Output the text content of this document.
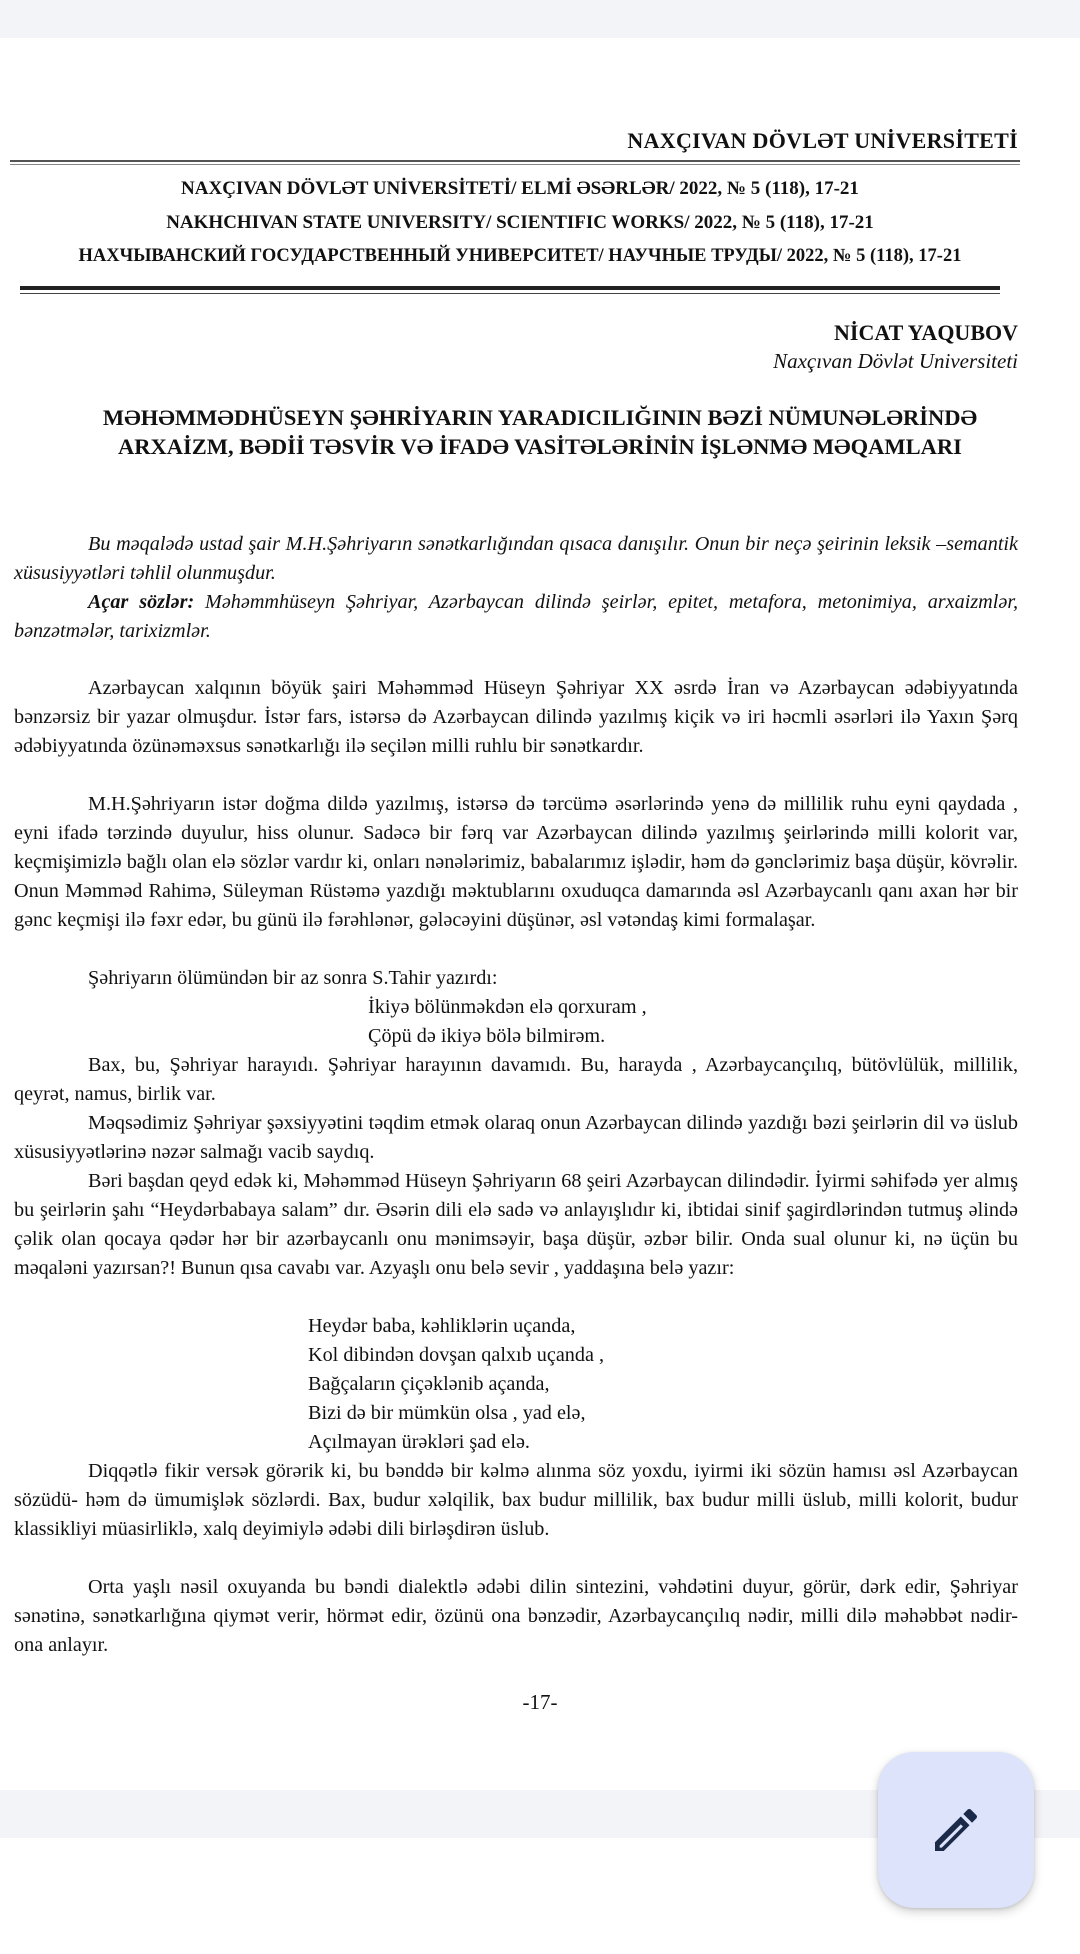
NAXÇIVAN DÖVLƏT UNİVERSİTETİ
NAXÇIVAN DÖVLƏT UNİVERSİTETİ/ ELMİ ƏSƏRLƏR/ 2022, № 5 (118), 17-21
NAKHCHIVAN STATE UNIVERSITY/ SCIENTIFIC WORKS/ 2022, № 5 (118), 17-21
НАХЧЫВАНСКИЙ ГОСУДАРСТВЕННЫЙ УНИВЕРСИТЕТ/ НАУЧНЫЕ ТРУДЫ/ 2022, № 5 (118), 17-21
NİCAT YAQUBOV
Naxçıvan Dövlət Universiteti
MƏHƏMMƏDHÜSEYN ŞƏHRİYARIN YARADICILIĞININ BƏZİ NÜMUNƏLƏRİNDƏ
ARXAİZM, BƏDİİ TƏSVİR VƏ İFADƏ VASİTƏLƏRİNİN İŞLƏNMƏ MƏQAMLARI

Bu məqalədə ustad şair M.H.Şəhriyarın sənətkarlığından qısaca danışılır. Onun bir neçə şeirinin leksik –semantik xüsusiyyətləri təhlil olunmuşdur.

Açar sözlər: Məhəmmhüseyn Şəhriyar, Azərbaycan dilində şeirlər, epitet, metafora, metonimiya, arxaizmlər, bənzətmələr, tarixizmlər.

Azərbaycan xalqının böyük şairi Məhəmməd Hüseyn Şəhriyar XX əsrdə İran və Azərbaycan ədəbiyyatında bənzərsiz bir yazar olmuşdur. İstər fars, istərsə də Azərbaycan dilində yazılmış kiçik və iri həcmli əsərləri ilə Yaxın Şərq ədəbiyyatında özünəməxsus sənətkarlığı ilə seçilən milli ruhlu bir sənətkardır.

M.H.Şəhriyarın istər doğma dildə yazılmış, istərsə də tərcümə əsərlərində yenə də millilik ruhu eyni qaydada , eyni ifadə tərzində duyulur, hiss olunur. Sadəcə bir fərq var Azərbaycan dilində yazılmış şeirlərində milli kolorit var, keçmişimizlə bağlı olan elə sözlər vardır ki, onları nənələrimiz, babalarımız işlədir, həm də gənclərimiz başa düşür, kövrəlir. Onun Məmməd Rahimə, Süleyman Rüstəmə yazdığı məktublarını oxuduqca damarında əsl Azərbaycanlı qanı axan hər bir gənc keçmişi ilə fəxr edər, bu günü ilə fərəhlənər, gələcəyini düşünər, əsl vətəndaş kimi formalaşar.

Şəhriyarın ölümündən bir az sonra S.Tahir yazırdı:

İkiyə bölünməkdən elə qorxuram ,
Çöpü də ikiyə bölə bilmirəm.

Bax, bu, Şəhriyar harayıdı. Şəhriyar harayının davamıdı. Bu, harayda , Azərbaycançılıq, bütövlülük, millilik, qeyrət, namus, birlik var.

Məqsədimiz Şəhriyar şəxsiyyətini təqdim etmək olaraq onun Azərbaycan dilində yazdığı bəzi şeirlərin dil və üslub xüsusiyyətlərinə nəzər salmağı vacib saydıq.

Bəri başdan qeyd edək ki, Məhəmməd Hüseyn Şəhriyarın 68 şeiri Azərbaycan dilindədir. İyirmi səhifədə yer almış bu şeirlərin şahı “Heydərbabaya salam” dır. Əsərin dili elə sadə və anlayışlıdır ki, ibtidai sinif şagirdlərindən tutmuş əlində çəlik olan qocaya qədər hər bir azərbaycanlı onu mənimsəyir, başa düşür, əzbər bilir. Onda sual olunur ki, nə üçün bu məqaləni yazırsan?! Bunun qısa cavabı var. Azyaşlı onu belə sevir , yaddaşına belə yazır:

Heydər baba, kəhliklərin uçanda,
Kol dibindən dovşan qalxıb uçanda ,
Bağçaların çiçəklənib açanda,
Bizi də bir mümkün olsa , yad elə,
Açılmayan ürəkləri şad elə.

Diqqətlə fikir versək görərik ki, bu bənddə bir kəlmə alınma söz yoxdu, iyirmi iki sözün hamısı əsl Azərbaycan sözüdü- həm də ümumişlək sözlərdi. Bax, budur xəlqilik, bax budur millilik, bax budur milli üslub, milli kolorit, budur klassikliyi müasirliklə, xalq deyimiylə ədəbi dili birləşdirən üslub.

Orta yaşlı nəsil oxuyanda bu bəndi dialektlə ədəbi dilin sintezini, vəhdətini duyur, görür, dərk edir, Şəhriyar sənətinə, sənətkarlığına qiymət verir, hörmət edir, özünü ona bənzədir, Azərbaycançılıq nədir, milli dilə məhəbbət nədir- ona anlayır.

-17-
